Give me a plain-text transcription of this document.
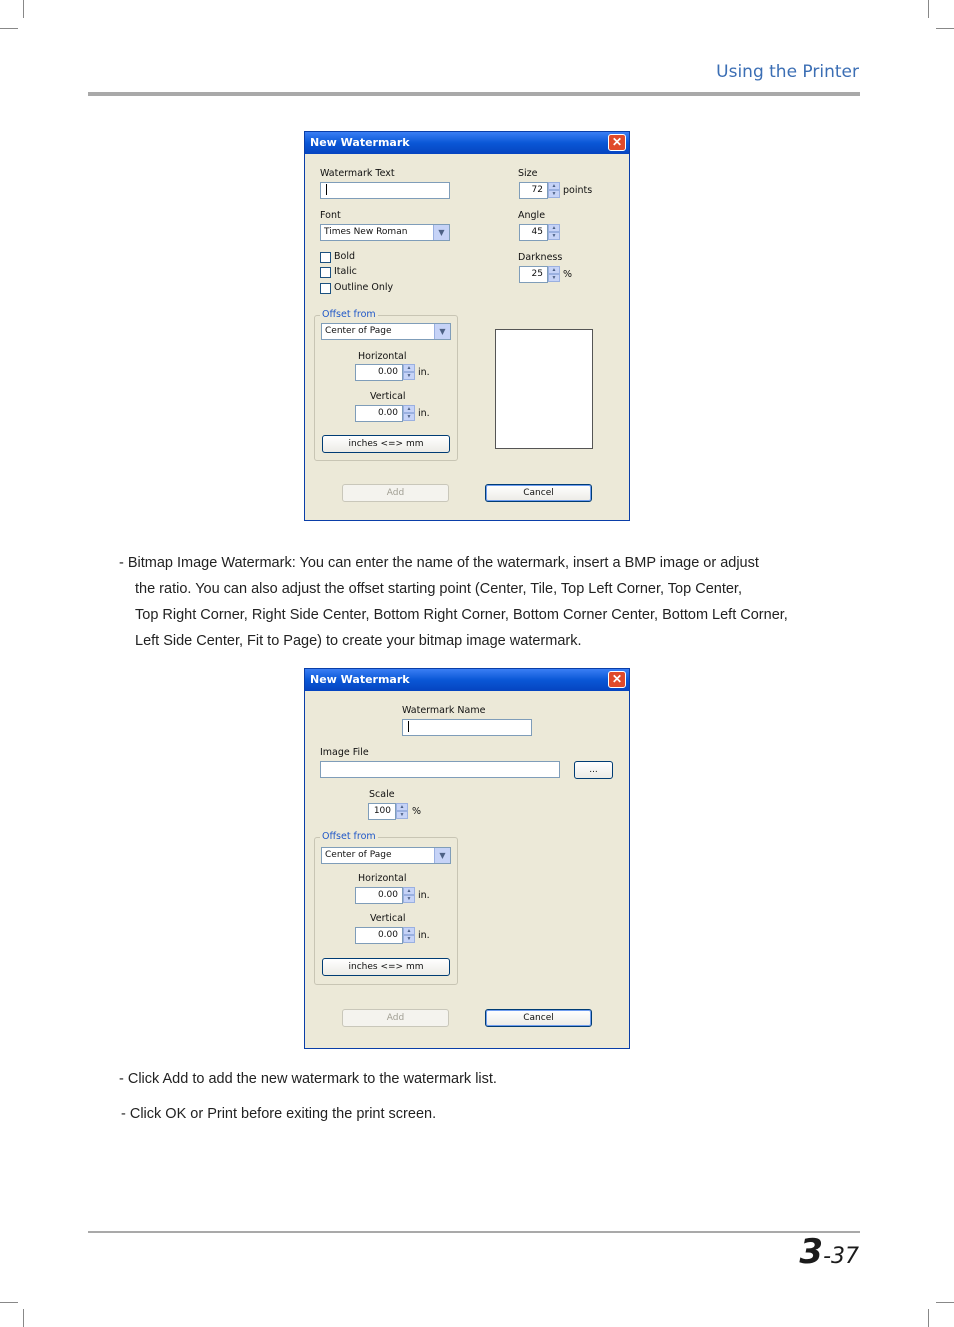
Using the Printer
New Watermark	✕
Watermark Text	Size
72	▲
▼ points
Font
Times New Roman	▼
Angle
45	▲
▼
Bold
Italic
Outline Only
Darkness
25	▲
▼ %
Offset from
Center of Page	▼
Horizontal
0.00	▲
▼ in.
Vertical
0.00	▲
▼ in.
inches <=> mm
Add	Cancel
- Bitmap Image Watermark: You can enter the name of the watermark, insert a BMP image or adjust
the ratio. You can also adjust the offset starting point (Center, Tile, Top Left Corner, Top Center,
Top Right Corner, Right Side Center, Bottom Right Corner, Bottom Corner Center, Bottom Left Corner,
Left Side Center, Fit to Page) to create your bitmap image watermark.
New Watermark	✕
Watermark Name
Image File
...
Scale
100	▲
▼ %
Offset from
Center of Page	▼
Horizontal
0.00	▲
▼ in.
Vertical
0.00	▲
▼ in.
inches <=> mm
Add	Cancel
- Click Add to add the new watermark to the watermark list.
- Click OK or Print before exiting the print screen.
3-37
